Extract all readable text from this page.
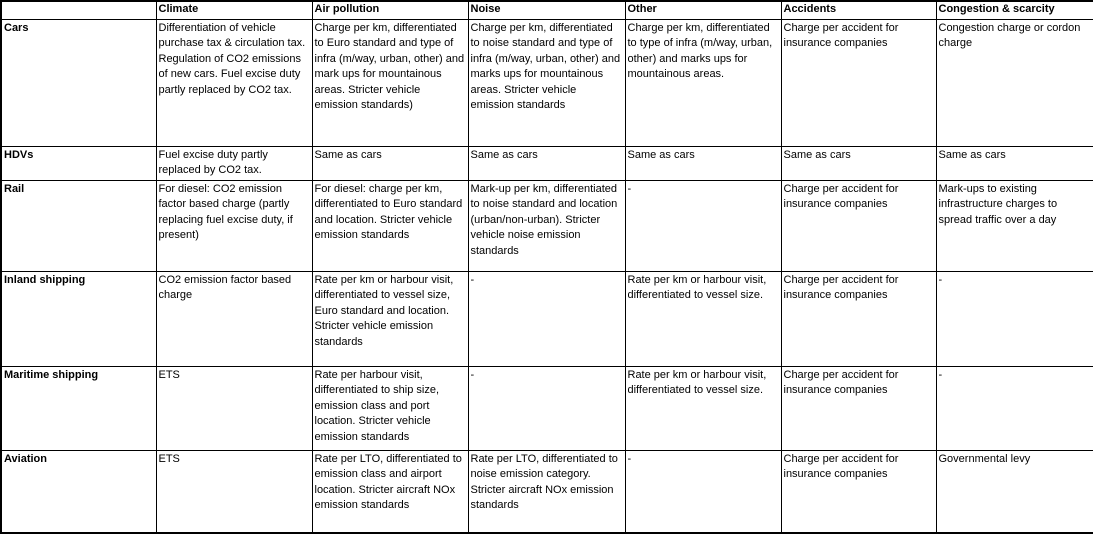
	Climate	Air pollution	Noise	Other	Accidents	Congestion & scarcity
Cars	Differentiation of vehicle purchase tax & circulation tax. Regulation of CO2 emissions of new cars. Fuel excise duty partly replaced by CO2 tax.	Charge per km, differentiated to Euro standard and type of infra (m/way, urban, other) and mark ups for mountainous areas. Stricter vehicle emission standards)	Charge per km, differentiated to noise standard and type of infra (m/way, urban, other) and marks ups for mountainous areas. Stricter vehicle emission standards	Charge per km, differentiated to type of infra (m/way, urban, other) and marks ups for mountainous areas.	Charge per accident for insurance companies	Congestion charge or cordon charge
HDVs	Fuel excise duty partly replaced by CO2 tax.	Same as cars	Same as cars	Same as cars	Same as cars	Same as cars
Rail	For diesel: CO2 emission factor based charge (partly replacing fuel excise duty, if present)	For diesel: charge per km, differentiated to Euro standard and location. Stricter vehicle emission standards	Mark-up per km, differentiated to noise standard and location (urban/non-urban). Stricter vehicle noise emission standards	-	Charge per accident for insurance companies	Mark-ups to existing infrastructure charges to spread traffic over a day
Inland shipping	CO2 emission factor based charge	Rate per km or harbour visit, differentiated to vessel size, Euro standard and location. Stricter vehicle emission standards	-	Rate per km or harbour visit, differentiated to vessel size.	Charge per accident for insurance companies	-
Maritime shipping	ETS	Rate per harbour visit, differentiated to ship size, emission class and port location. Stricter vehicle emission standards	-	Rate per km or harbour visit, differentiated to vessel size.	Charge per accident for insurance companies	-
Aviation	ETS	Rate per LTO, differentiated to emission class and airport location. Stricter aircraft NOx emission standards	Rate per LTO, differentiated to noise emission category. Stricter aircraft NOx emission standards	-	Charge per accident for insurance companies	Governmental levy
